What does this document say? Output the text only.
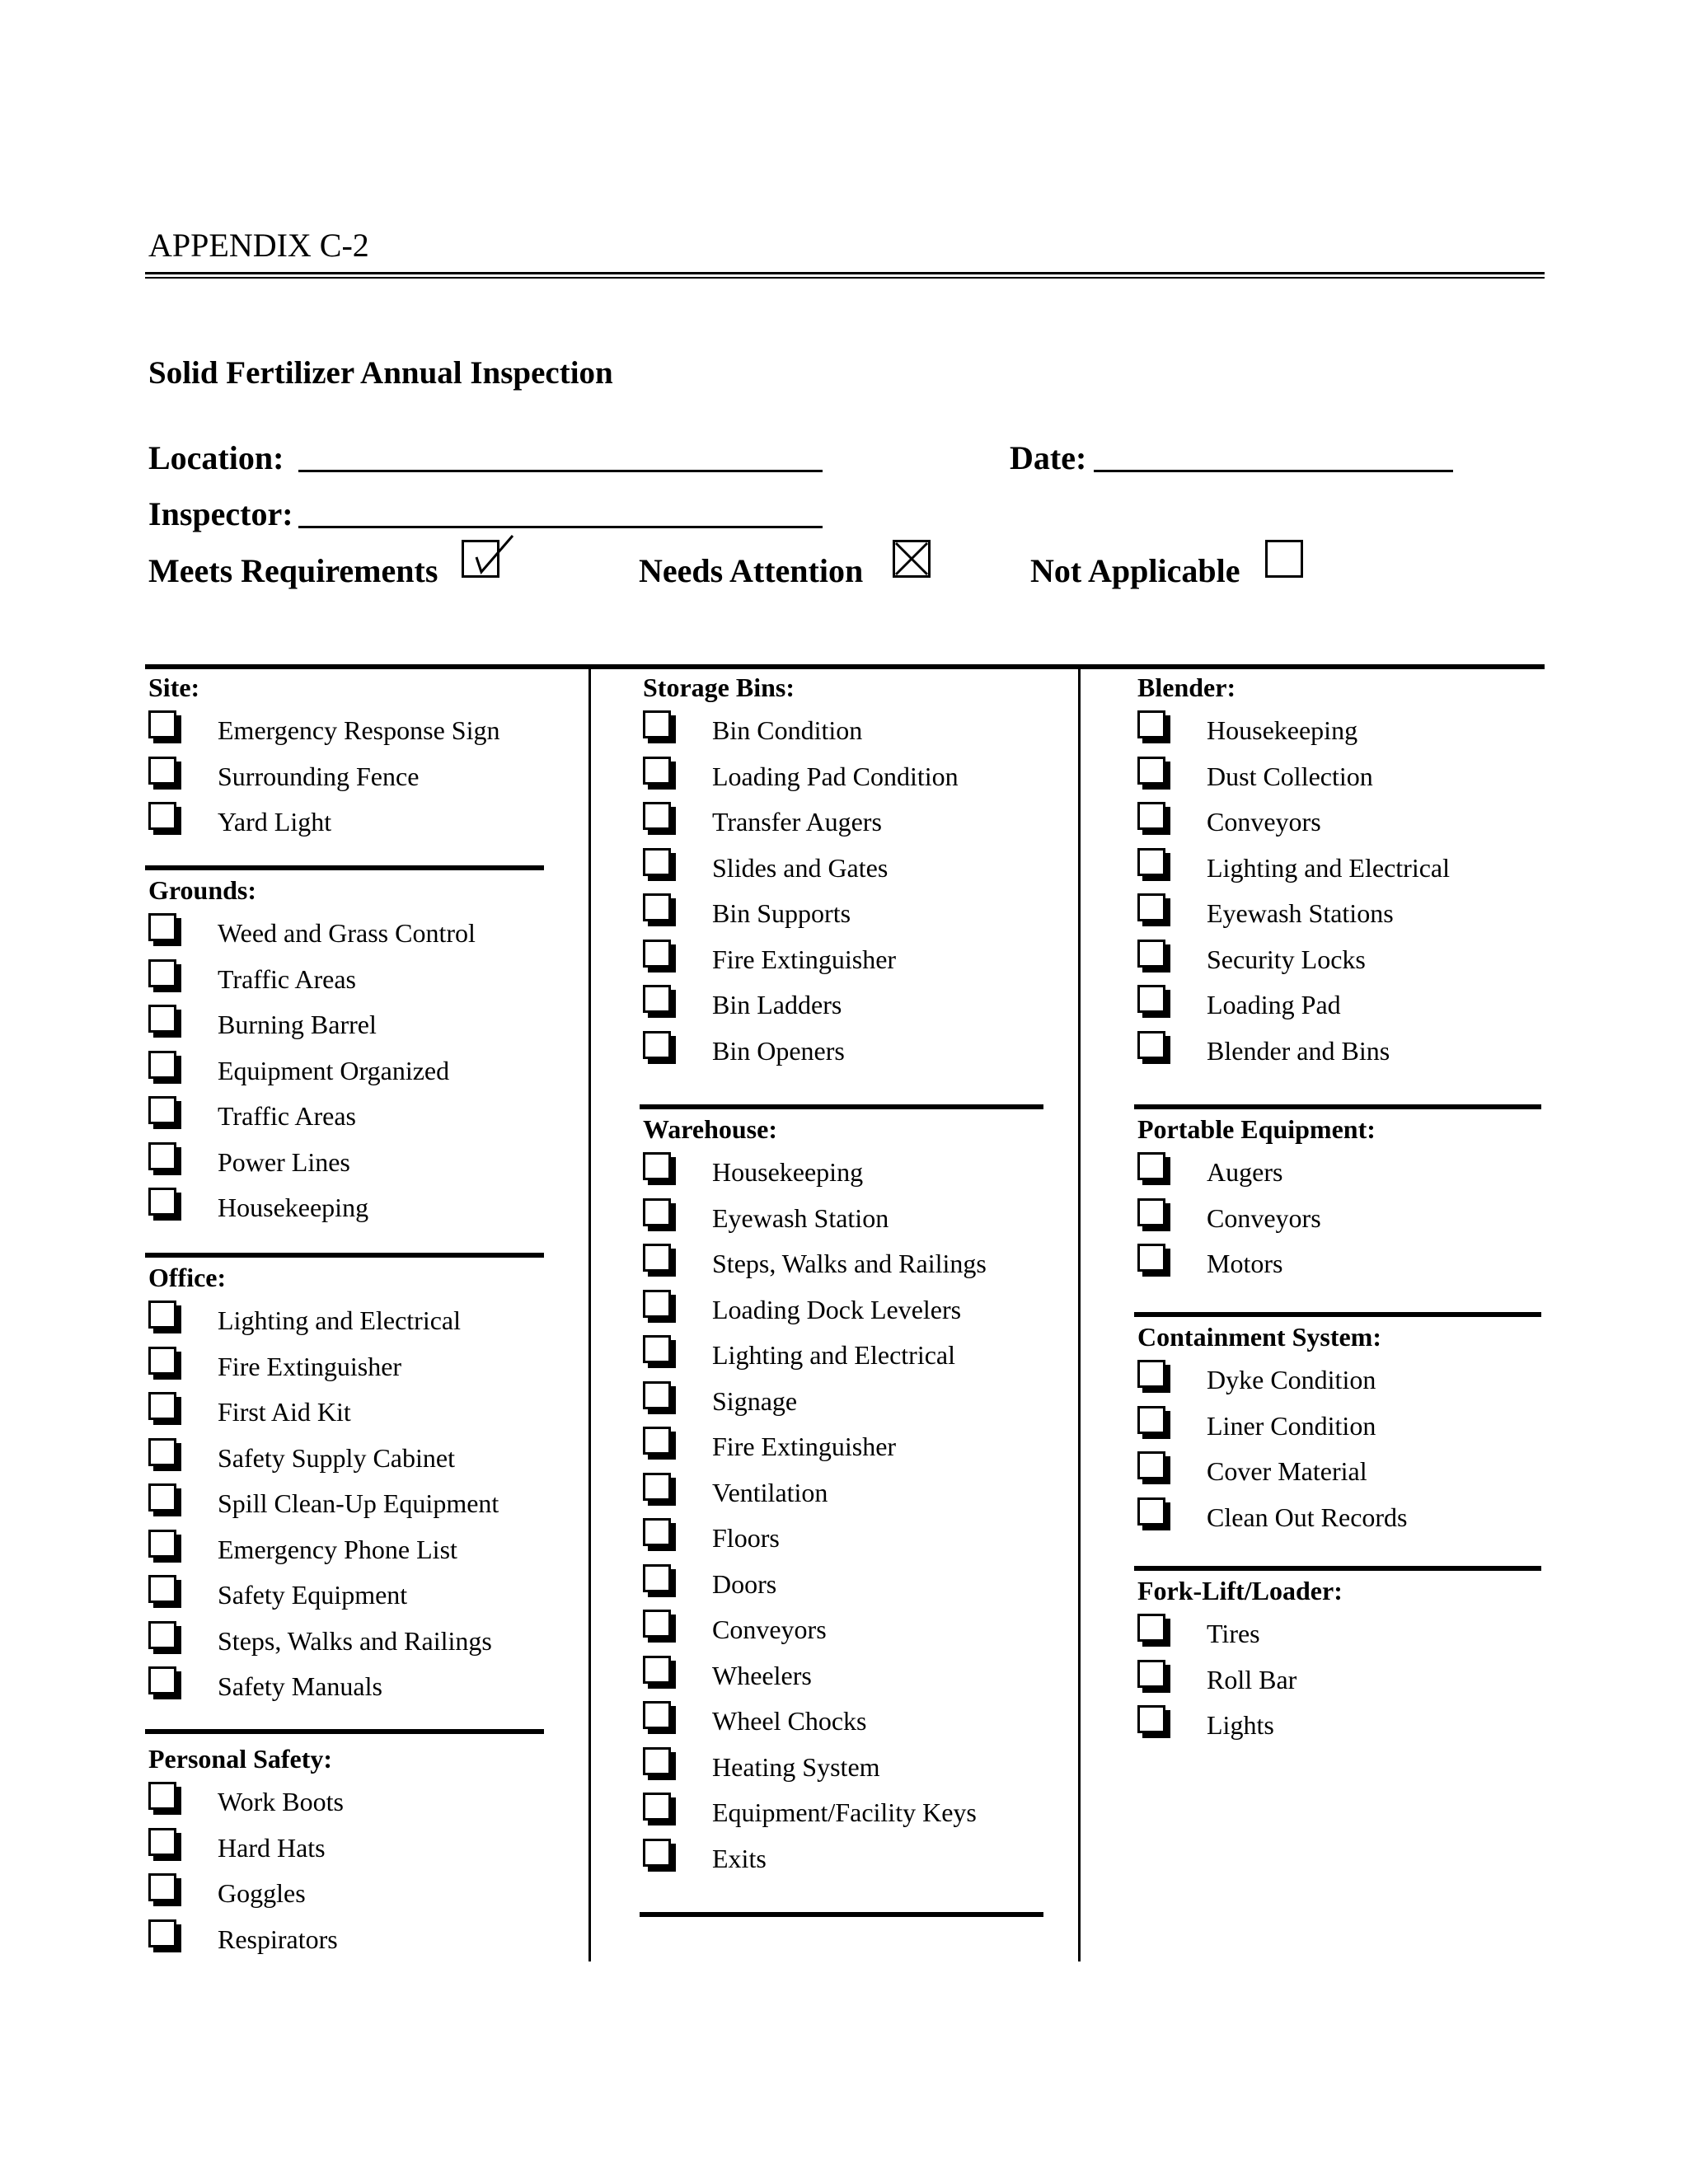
APPENDIX C-2
Solid Fertilizer Annual Inspection
Location:	Date:
Inspector:
Meets Requirements	Needs Attention	Not Applicable
Site:
Emergency Response Sign
Surrounding Fence
Yard Light
Grounds:
Weed and Grass Control
Traffic Areas
Burning Barrel
Equipment Organized
Traffic Areas
Power Lines
Housekeeping
Office:
Lighting and Electrical
Fire Extinguisher
First Aid Kit
Safety Supply Cabinet
Spill Clean-Up Equipment
Emergency Phone List
Safety Equipment
Steps, Walks and Railings
Safety Manuals
Personal Safety:
Work Boots
Hard Hats
Goggles
Respirators
Storage Bins:
Bin Condition
Loading Pad Condition
Transfer Augers
Slides and Gates
Bin Supports
Fire Extinguisher
Bin Ladders
Bin Openers
Warehouse:
Housekeeping
Eyewash Station
Steps, Walks and Railings
Loading Dock Levelers
Lighting and Electrical
Signage
Fire Extinguisher
Ventilation
Floors
Doors
Conveyors
Wheelers
Wheel Chocks
Heating System
Equipment/Facility Keys
Exits
Blender:
Housekeeping
Dust Collection
Conveyors
Lighting and Electrical
Eyewash Stations
Security Locks
Loading Pad
Blender and Bins
Portable Equipment:
Augers
Conveyors
Motors
Containment System:
Dyke Condition
Liner Condition
Cover Material
Clean Out Records
Fork-Lift/Loader:
Tires
Roll Bar
Lights
